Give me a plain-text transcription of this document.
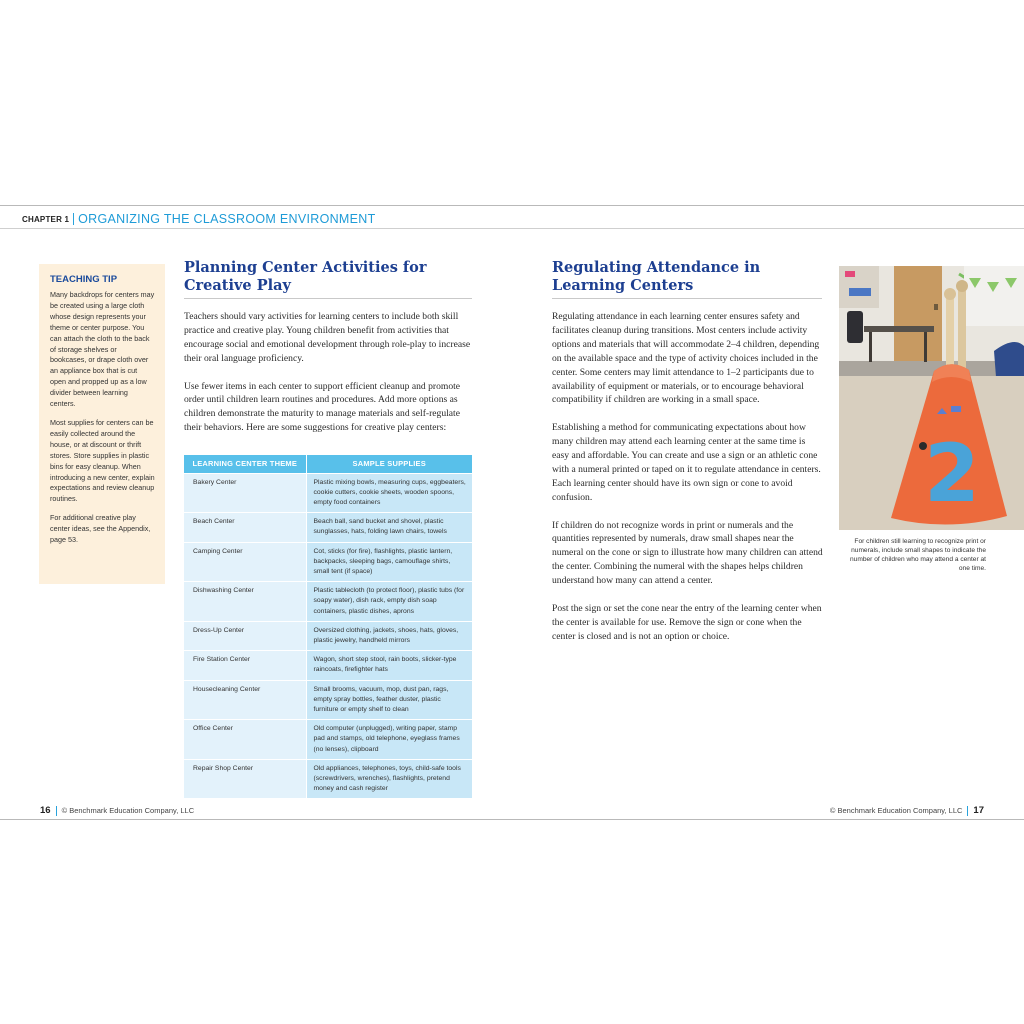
CHAPTER 1 ORGANIZING THE CLASSROOM ENVIRONMENT
TEACHING TIP

Many backdrops for centers may be created using a large cloth whose design represents your theme or center purpose. You can attach the cloth to the back of storage shelves or bookcases, or drape cloth over an appliance box that is cut open and propped up as a low divider between learning centers.

Most supplies for centers can be easily collected around the house, or at discount or thrift stores. Store supplies in plastic bins for easy cleanup. When introducing a new center, explain expectations and review cleanup routines.

For additional creative play center ideas, see the Appendix, page 53.

Planning Center Activities for Creative Play

Teachers should vary activities for learning centers to include both skill practice and creative play. Young children benefit from activities that encourage social and emotional development through role-play to increase their oral language proficiency.

Use fewer items in each center to support efficient cleanup and promote order until children learn routines and procedures. Add more options as children demonstrate the maturity to manage materials and self-regulate their behaviors. Here are some suggestions for creative play centers:

LEARNING CENTER THEME	SAMPLE SUPPLIES
Bakery Center	Plastic mixing bowls, measuring cups, eggbeaters, cookie cutters, cookie sheets, wooden spoons, empty food containers
Beach Center	Beach ball, sand bucket and shovel, plastic sunglasses, hats, folding lawn chairs, towels
Camping Center	Cot, sticks (for fire), flashlights, plastic lantern, backpacks, sleeping bags, camouflage shirts, small tent (if space)
Dishwashing Center	Plastic tablecloth (to protect floor), plastic tubs (for soapy water), dish rack, empty dish soap containers, plastic dishes, aprons
Dress-Up Center	Oversized clothing, jackets, shoes, hats, gloves, plastic jewelry, handheld mirrors
Fire Station Center	Wagon, short step stool, rain boots, slicker-type raincoats, firefighter hats
Housecleaning Center	Small brooms, vacuum, mop, dust pan, rags, empty spray bottles, feather duster, plastic furniture or empty shelf to clean
Office Center	Old computer (unplugged), writing paper, stamp pad and stamps, old telephone, eyeglass frames (no lenses), clipboard
Repair Shop Center	Old appliances, telephones, toys, child-safe tools (screwdrivers, wrenches), flashlights, pretend money and cash register
Regulating Attendance in Learning Centers

Regulating attendance in each learning center ensures safety and facilitates cleanup during transitions. Most centers include activity options and materials that will accommodate 2–4 children, depending on the available space and the type of activity choices included in the center. Some centers may limit attendance to 1–2 participants due to availability of equipment or materials, or to encourage behavioral compatibility if children are working in a small space.

Establishing a method for communicating expectations about how many children may attend each learning center at the same time is easy and affordable. You can create and use a sign or an athletic cone with a numeral printed or taped on it to regulate attendance in centers. Each learning center should have its own sign or cone to avoid confusion.

If children do not recognize words in print or numerals and the quantities represented by numerals, draw small shapes near the numeral on the cone or sign to illustrate how many children can attend the center. Combining the numeral with the shapes helps children understand how many can attend a center.

Post the sign or set the cone near the entry of the learning center when the center is available for use. Remove the sign or cone when the center is closed and is not an option or choice.

2

For children still learning to recognize print or numerals, include small shapes to indicate the number of children who may attend a center at one time.

16 © Benchmark Education Company, LLC	© Benchmark Education Company, LLC 17
